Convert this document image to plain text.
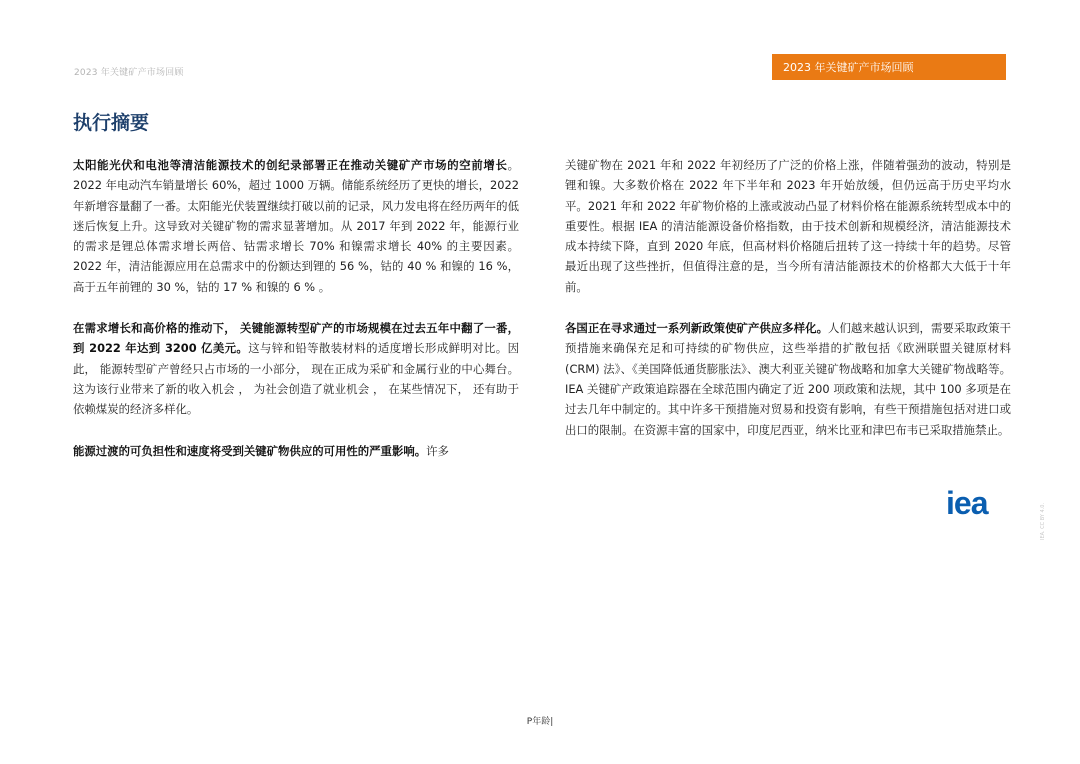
2023 年关键矿产市场回顾	2023 年关键矿产市场回顾
执行摘要

太阳能光伏和电池等清洁能源技术的创纪录部署正在推动关键矿产市场的空前增长。2022 年电动汽车销量增长 60%，超过 1000 万辆。储能系统经历了更快的增长，2022 年新增容量翻了一番。太阳能光伏装置继续打破以前的记录，风力发电将在经历两年的低迷后恢复上升。这导致对关键矿物的需求显著增加。从 2017 年到 2022 年，能源行业的需求是锂总体需求增长两倍、钴需求增长 70% 和镍需求增长 40% 的主要因素。2022 年，清洁能源应用在总需求中的份额达到锂的 56 %，钴的 40 % 和镍的 16 %，高于五年前锂的 30 %，钴的 17 % 和镍的 6 % 。

在需求增长和高价格的推动下， 关键能源转型矿产的市场规模在过去五年中翻了一番， 到 2022 年达到 3200 亿美元。这与锌和铅等散装材料的适度增长形成鲜明对比。因此， 能源转型矿产曾经只占市场的一小部分， 现在正成为采矿和金属行业的中心舞台。这为该行业带来了新的收入机会 ， 为社会创造了就业机会 ， 在某些情况下， 还有助于依赖煤炭的经济多样化。

能源过渡的可负担性和速度将受到关键矿物供应的可用性的严重影响。许多

关键矿物在 2021 年和 2022 年初经历了广泛的价格上涨，伴随着强劲的波动，特别是锂和镍。大多数价格在 2022 年下半年和 2023 年开始放缓，但仍远高于历史平均水平。2021 年和 2022 年矿物价格的上涨或波动凸显了材料价格在能源系统转型成本中的重要性。根据 IEA 的清洁能源设备价格指数，由于技术创新和规模经济，清洁能源技术成本持续下降，直到 2020 年底，但高材料价格随后扭转了这一持续十年的趋势。尽管最近出现了这些挫折，但值得注意的是，当今所有清洁能源技术的价格都大大低于十年前。

各国正在寻求通过一系列新政策使矿产供应多样化。人们越来越认识到，需要采取政策干预措施来确保充足和可持续的矿物供应，这些举措的扩散包括《欧洲联盟关键原材料 (CRM) 法》、《美国降低通货膨胀法》、澳大利亚关键矿物战略和加拿大关键矿物战略等。IEA 关键矿产政策追踪器在全球范围内确定了近 200 项政策和法规，其中 100 多项是在过去几年中制定的。其中许多干预措施对贸易和投资有影响，有些干预措施包括对进口或出口的限制。在资源丰富的国家中，印度尼西亚，纳米比亚和津巴布韦已采取措施禁止。

iea	IEA. CC BY 4.0.
P年龄|
